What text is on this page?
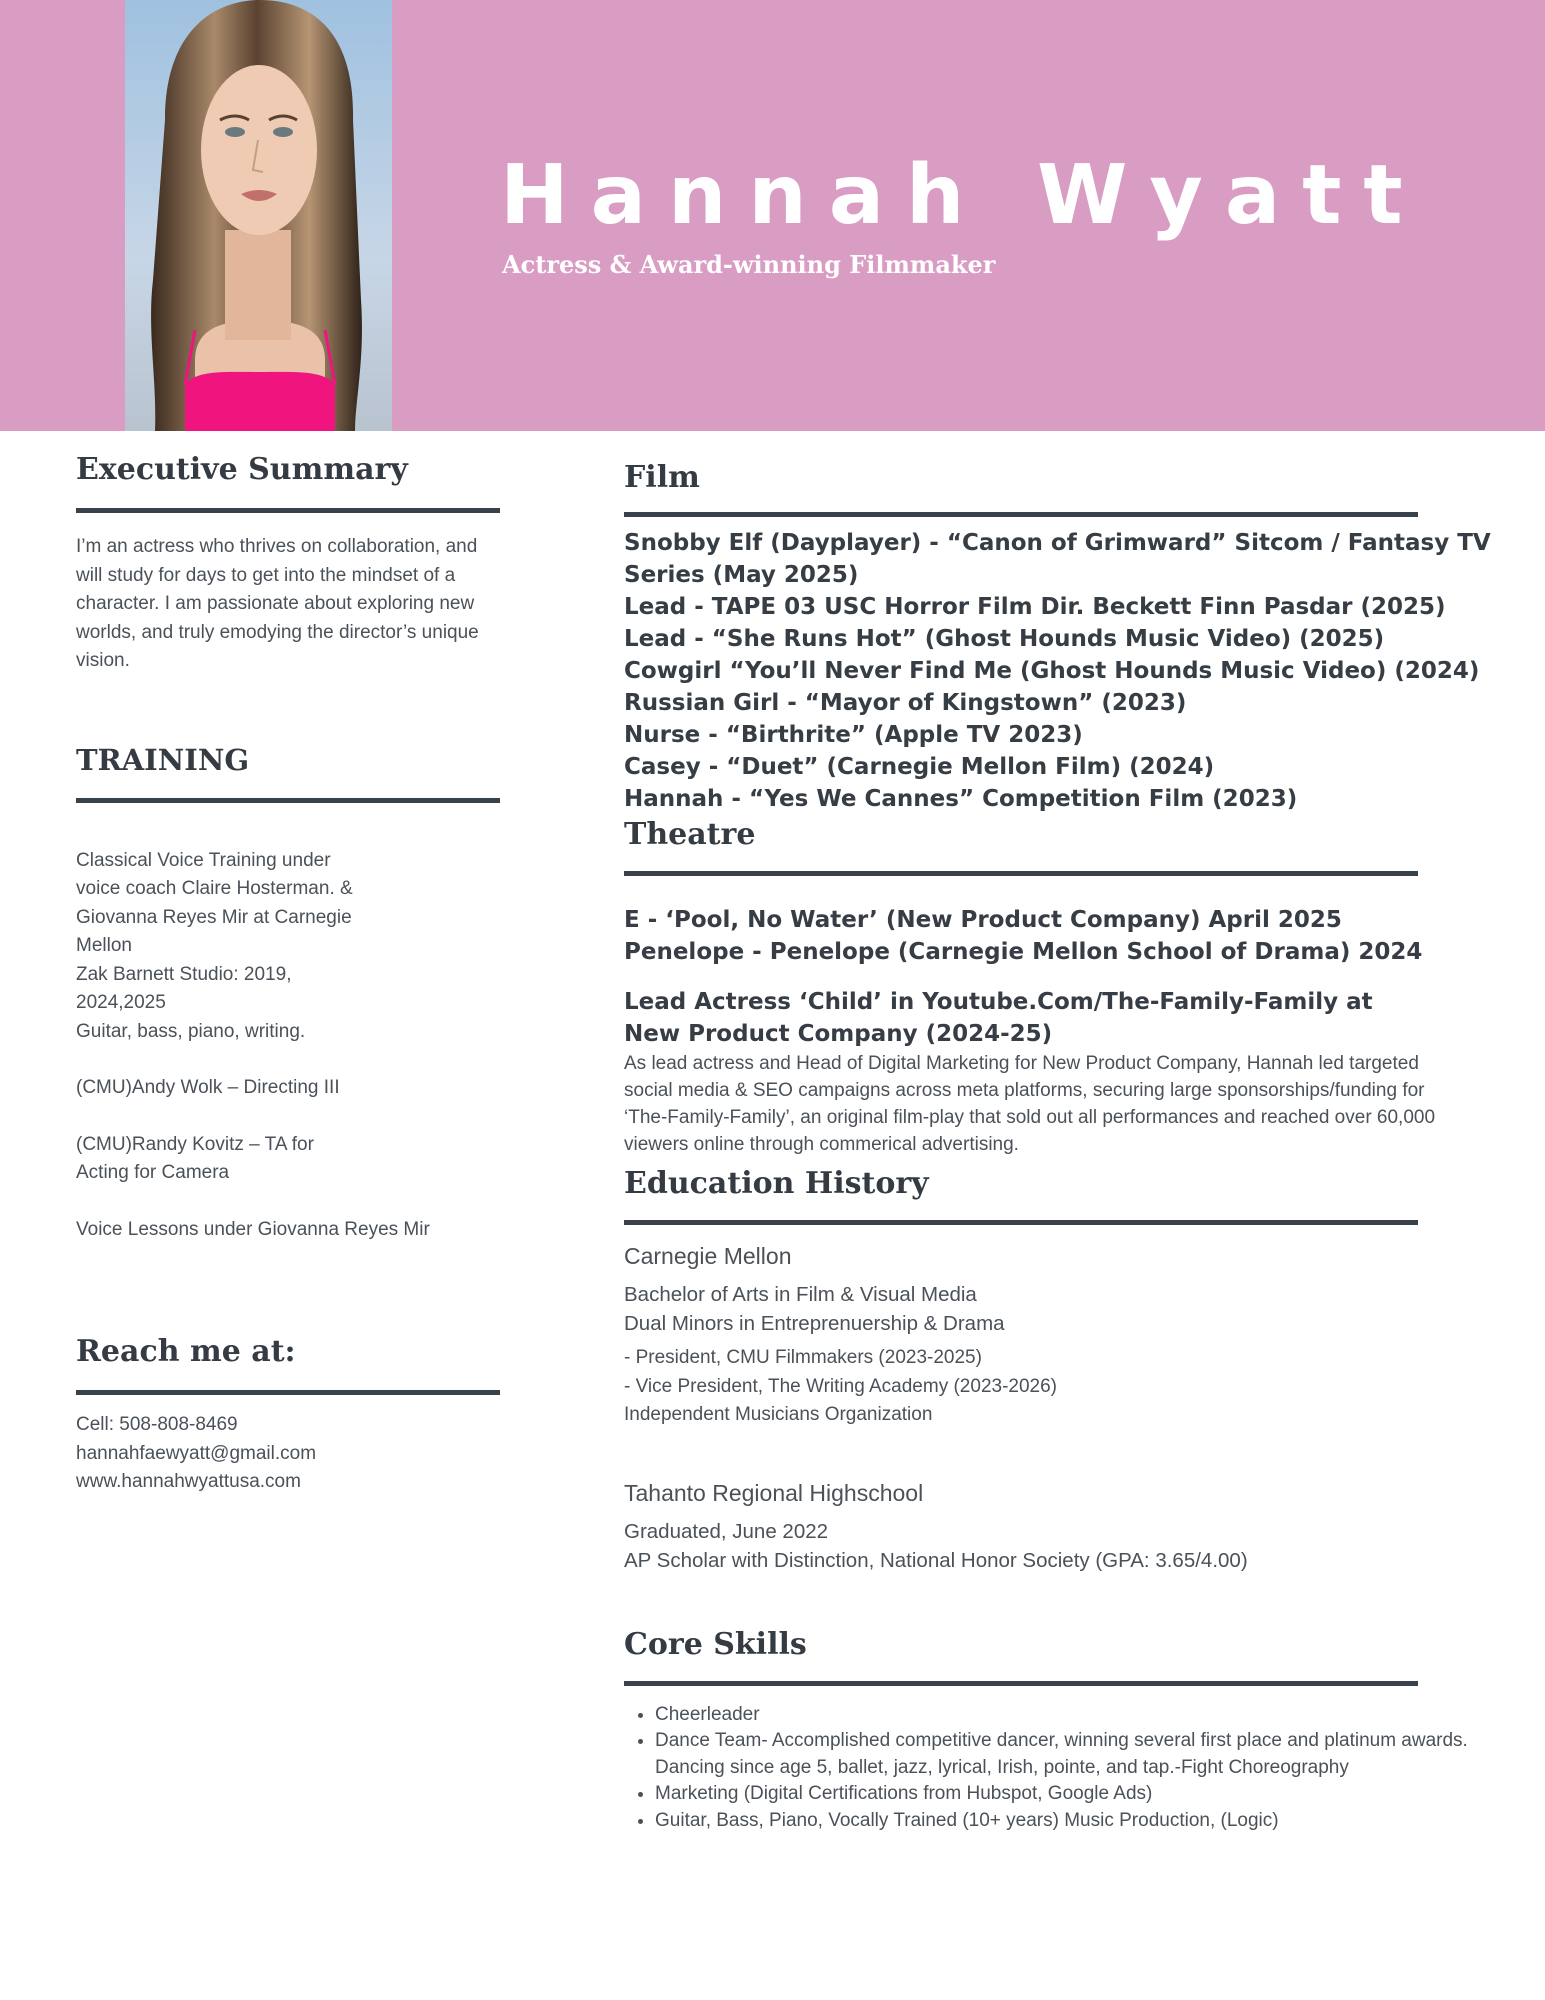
Hannah Wyatt
Actress & Award-winning Filmmaker
Executive Summary
I’m an actress who thrives on collaboration, and will study for days to get into the mindset of a character. I am passionate about exploring new worlds, and truly emodying the director’s unique vision.
TRAINING
Classical Voice Training under
voice coach Claire Hosterman. &
Giovanna Reyes Mir at Carnegie
Mellon
Zak Barnett Studio: 2019,
2024,2025
Guitar, bass, piano, writing.
(CMU)Andy Wolk – Directing III
(CMU)Randy Kovitz – TA for
Acting for Camera
Voice Lessons under Giovanna Reyes Mir
Reach me at:
Cell: 508-808-8469
hannahfaewyatt@gmail.com
www.hannahwyattusa.com
Film
Snobby Elf (Dayplayer) - “Canon of Grimward” Sitcom / Fantasy TV
Series (May 2025)
Lead - TAPE 03 USC Horror Film Dir. Beckett Finn Pasdar (2025)
Lead - “She Runs Hot” (Ghost Hounds Music Video) (2025)
Cowgirl “You’ll Never Find Me (Ghost Hounds Music Video) (2024)
Russian Girl - “Mayor of Kingstown” (2023)
Nurse - “Birthrite” (Apple TV 2023)
Casey - “Duet” (Carnegie Mellon Film) (2024)
Hannah - “Yes We Cannes” Competition Film (2023)
Theatre
E - ‘Pool, No Water’ (New Product Company) April 2025
Penelope - Penelope (Carnegie Mellon School of Drama) 2024
Lead Actress ‘Child’ in Youtube.Com/The-Family-Family at
New Product Company (2024-25)
As lead actress and Head of Digital Marketing for New Product Company, Hannah led targeted social media & SEO campaigns across meta platforms, securing large sponsorships/funding for ‘The-Family-Family’, an original film-play that sold out all performances and reached over 60,000 viewers online through commerical advertising.
Education History
Carnegie Mellon
Bachelor of Arts in Film & Visual Media
Dual Minors in Entreprenuership & Drama
- President, CMU Filmmakers (2023-2025)
- Vice President, The Writing Academy (2023-2026)
Independent Musicians Organization
Tahanto Regional Highschool
Graduated, June 2022
AP Scholar with Distinction, National Honor Society (GPA: 3.65/4.00)
Core Skills
• Cheerleader
• Dance Team- Accomplished competitive dancer, winning several first place and platinum awards. Dancing since age 5, ballet, jazz, lyrical, Irish, pointe, and tap.-Fight Choreography
• Marketing (Digital Certifications from Hubspot, Google Ads)
• Guitar, Bass, Piano, Vocally Trained (10+ years) Music Production, (Logic)
